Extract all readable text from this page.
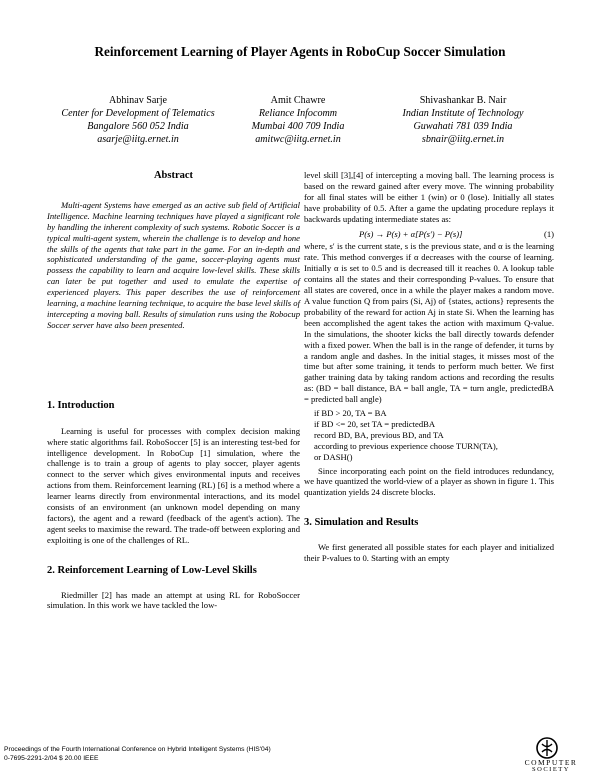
Reinforcement Learning of Player Agents in RoboCup Soccer Simulation
Abhinav Sarje
Center for Development of Telematics
Bangalore 560 052 India
asarje@iitg.ernet.in
Amit Chawre
Reliance Infocomm
Mumbai 400 709 India
amitwc@iitg.ernet.in
Shivashankar B. Nair
Indian Institute of Technology
Guwahati 781 039 India
sbnair@iitg.ernet.in
Abstract

Multi-agent Systems have emerged as an active sub field of Artificial Intelligence. Machine learning techniques have played a significant role by handling the inherent complexity of such systems. Robotic Soccer is a typical multi-agent system, wherein the challenge is to develop and hone the skills of the agents that take part in the game. For an in-depth and sophisticated understanding of the game, soccer-playing agents must possess the capability to learn and acquire low-level skills. These skills can later be put together and used to emulate the expertise of experienced players. This paper describes the use of reinforcement learning, a machine learning technique, to acquire the base level skills of intercepting a moving ball. Results of simulation runs using the Robocup Soccer server have also been presented.

1. Introduction

Learning is useful for processes with complex decision making where static algorithms fail. RoboSoccer [5] is an interesting test-bed for intelligence development. In RoboCup [1] simulation, where the challenge is to train a group of agents to play soccer, player agents connect to the server which gives environmental inputs and receives actions from them. Reinforcement learning (RL) [6] is a method where a learner learns directly from environmental interactions, and its model consists of an environment (an unknown model depending on many factors), the agent and a reward (feedback of the agent's action). The agent seeks to maximise the reward. The trade-off between exploring and exploiting is one of the challenges of RL.

2. Reinforcement Learning of Low-Level Skills

Riedmiller [2] has made an attempt at using RL for RoboSoccer simulation. In this work we have tackled the low-

level skill [3],[4] of intercepting a moving ball. The learning process is based on the reward gained after every move. The winning probability for all final states will be either 1 (win) or 0 (lose). Initially all states have probability of 0.5. After a game the updating procedure replays it backwards updating intermediate states as:

P(s) → P(s) + α[P(s′) − P(s)]	(1)

where, s′ is the current state, s is the previous state, and α is the learning rate. This method converges if α decreases with the course of learning. Initially α is set to 0.5 and is decreased till it reaches 0. A lookup table contains all the states and their corresponding P-values. To ensure that all states are covered, once in a while the player makes a random move. A value function Q from pairs (Si, Aj) of {states, actions} represents the probability of the reward for action Aj in state Si. When the learning has been accomplished the agent takes the action with maximum Q-value. In the simulations, the shooter kicks the ball directly towards defender with a fixed power. When the ball is in the range of defender, it turns by a random angle and dashes. In the initial stages, it misses most of the time but after some training, it tends to perform much better. We first gather training data by taking random actions and recording the results as: (BD = ball distance, BA = ball angle, TA = turn angle, predictedBA = predicted ball angle)

if BD > 20, TA = BA
if BD <= 20, set TA = predictedBA
record BD, BA, previous BD, and TA
according to previous experience choose TURN(TA),
or DASH()

Since incorporating each point on the field introduces redundancy, we have quantized the world-view of a player as shown in figure 1. This quantization yields 24 discrete blocks.

3. Simulation and Results

We first generated all possible states for each player and initialized their P-values to 0. Starting with an empty

Proceedings of the Fourth International Conference on Hybrid Intelligent Systems (HIS'04)
0-7695-2291-2/04 $ 20.00 IEEE	COMPUTER
SOCIETY
